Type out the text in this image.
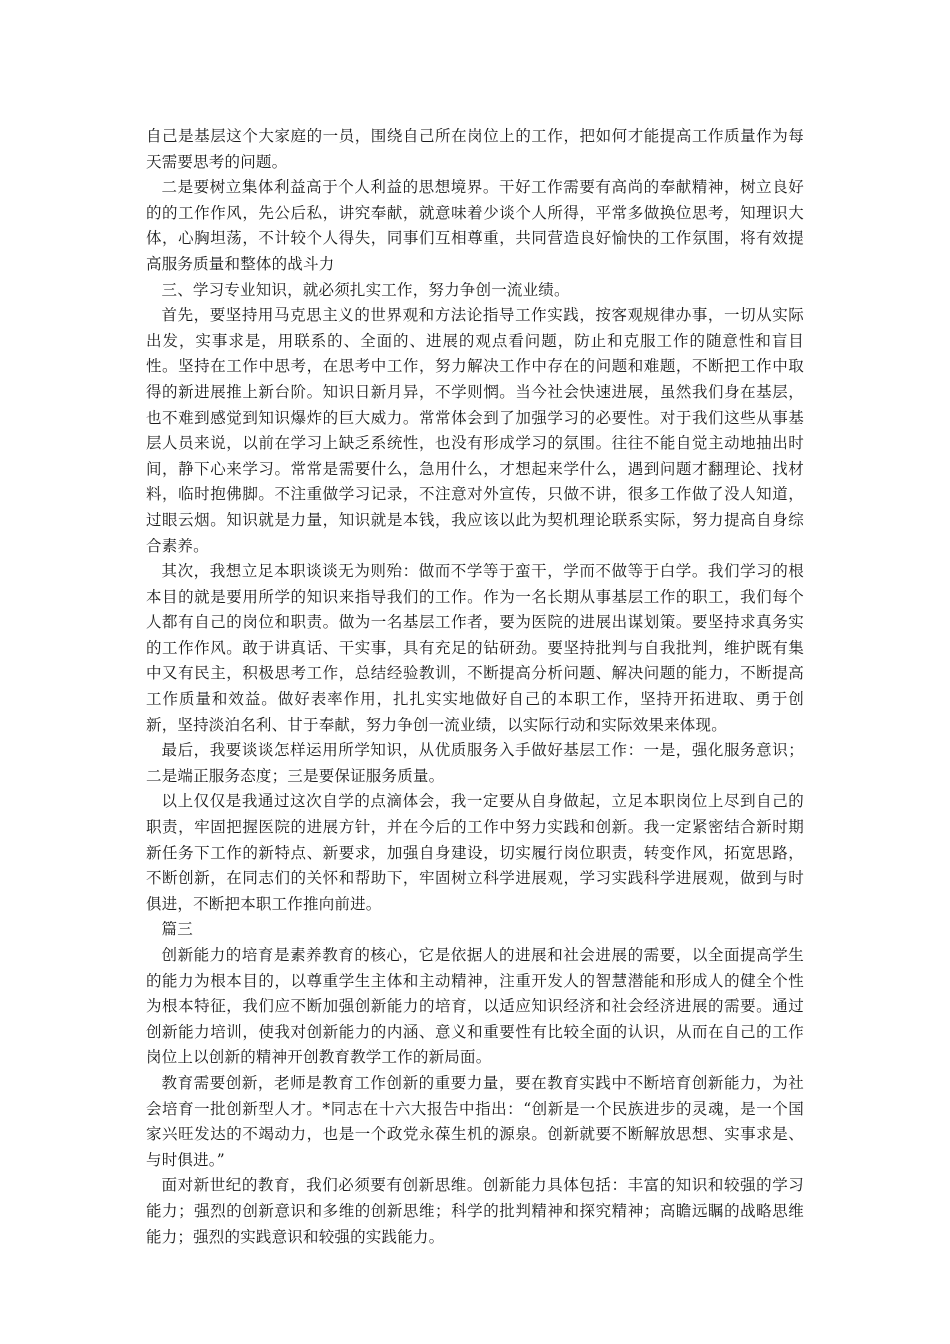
自己是基层这个大家庭的一员，围绕自己所在岗位上的工作，把如何才能提高工作质量作为每天需要思考的问题。

二是要树立集体利益高于个人利益的思想境界。干好工作需要有高尚的奉献精神，树立良好的的工作作风，先公后私，讲究奉献，就意味着少谈个人所得，平常多做换位思考，知理识大体，心胸坦荡，不计较个人得失，同事们互相尊重，共同营造良好愉快的工作氛围，将有效提高服务质量和整体的战斗力

三、学习专业知识，就必须扎实工作，努力争创一流业绩。

首先，要坚持用马克思主义的世界观和方法论指导工作实践，按客观规律办事，一切从实际出发，实事求是，用联系的、全面的、进展的观点看问题，防止和克服工作的随意性和盲目性。坚持在工作中思考，在思考中工作，努力解决工作中存在的问题和难题，不断把工作中取得的新进展推上新台阶。知识日新月异，不学则惘。当今社会快速进展，虽然我们身在基层，也不难到感觉到知识爆炸的巨大威力。常常体会到了加强学习的必要性。对于我们这些从事基层人员来说，以前在学习上缺乏系统性，也没有形成学习的氛围。往往不能自觉主动地抽出时间，静下心来学习。常常是需要什么，急用什么，才想起来学什么，遇到问题才翻理论、找材料，临时抱佛脚。不注重做学习记录，不注意对外宣传，只做不讲，很多工作做了没人知道，过眼云烟。知识就是力量，知识就是本钱，我应该以此为契机理论联系实际，努力提高自身综合素养。

其次，我想立足本职谈谈无为则殆：做而不学等于蛮干，学而不做等于白学。我们学习的根本目的就是要用所学的知识来指导我们的工作。作为一名长期从事基层工作的职工，我们每个人都有自己的岗位和职责。做为一名基层工作者，要为医院的进展出谋划策。要坚持求真务实的工作作风。敢于讲真话、干实事，具有充足的钻研劲。要坚持批判与自我批判，维护既有集中又有民主，积极思考工作，总结经验教训，不断提高分析问题、解决问题的能力，不断提高工作质量和效益。做好表率作用，扎扎实实地做好自己的本职工作，坚持开拓进取、勇于创新，坚持淡泊名利、甘于奉献，努力争创一流业绩，以实际行动和实际效果来体现。

最后，我要谈谈怎样运用所学知识，从优质服务入手做好基层工作：一是，强化服务意识；二是端正服务态度；三是要保证服务质量。

以上仅仅是我通过这次自学的点滴体会，我一定要从自身做起，立足本职岗位上尽到自己的职责，牢固把握医院的进展方针，并在今后的工作中努力实践和创新。我一定紧密结合新时期新任务下工作的新特点、新要求，加强自身建设，切实履行岗位职责，转变作风，拓宽思路，不断创新，在同志们的关怀和帮助下，牢固树立科学进展观，学习实践科学进展观，做到与时俱进，不断把本职工作推向前进。

篇三

创新能力的培育是素养教育的核心，它是依据人的进展和社会进展的需要，以全面提高学生的能力为根本目的，以尊重学生主体和主动精神，注重开发人的智慧潜能和形成人的健全个性为根本特征，我们应不断加强创新能力的培育，以适应知识经济和社会经济进展的需要。通过创新能力培训，使我对创新能力的内涵、意义和重要性有比较全面的认识，从而在自己的工作岗位上以创新的精神开创教育教学工作的新局面。

教育需要创新，老师是教育工作创新的重要力量，要在教育实践中不断培育创新能力，为社会培育一批创新型人才。*同志在十六大报告中指出：“创新是一个民族进步的灵魂，是一个国家兴旺发达的不竭动力，也是一个政党永葆生机的源泉。创新就要不断解放思想、实事求是、与时俱进。”

面对新世纪的教育，我们必须要有创新思维。创新能力具体包括：丰富的知识和较强的学习能力；强烈的创新意识和多维的创新思维；科学的批判精神和探究精神；高瞻远瞩的战略思维能力；强烈的实践意识和较强的实践能力。
